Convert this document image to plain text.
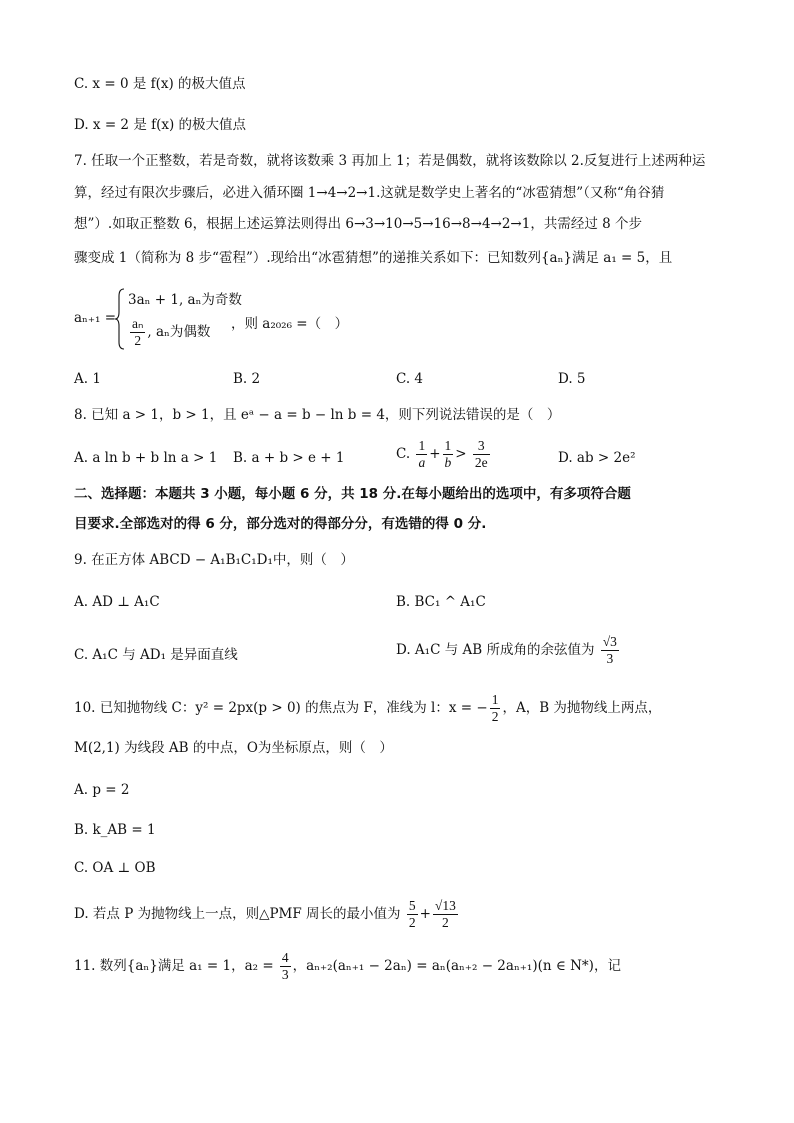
C. x = 0 是 f(x) 的极大值点
D. x = 2 是 f(x) 的极大值点
7. 任取一个正整数，若是奇数，就将该数乘 3 再加上 1；若是偶数，就将该数除以 2.反复进行上述两种运
算，经过有限次步骤后，必进入循环圈 1→4→2→1.这就是数学史上著名的“冰雹猜想”（又称“角谷猜
想”）.如取正整数 6，根据上述运算法则得出 6→3→10→5→16→8→4→2→1，共需经过 8 个步
骤变成 1（简称为 8 步“雹程”）.现给出“冰雹猜想”的递推关系如下：已知数列{aₙ}满足 a₁ = 5，且
aₙ₊₁ =
3aₙ + 1, aₙ为奇数
$\frac{\text{aₙ}}{2}$ , aₙ为偶数 ，则 a₂₀₂₆ =（　）
A. 1	B. 2	C. 4	D. 5
8. 已知 a > 1，b > 1，且 eᵃ − a = b − ln b = 4，则下列说法错误的是（　）
A. a ln b + b ln a > 1 B. a + b > e + 1	C. $\frac{1}{a} + \frac{1}{b} > \frac{3}{2e}$	D. ab > 2e²
二、选择题：本题共 3 小题，每小题 6 分，共 18 分.在每小题给出的选项中，有多项符合题
目要求.全部选对的得 6 分，部分选对的得部分分，有选错的得 0 分.
9. 在正方体 ABCD − A₁B₁C₁D₁中，则（　）
A. AD ⊥ A₁C	B. BC₁ ^ A₁C
C. A₁C 与 AD₁ 是异面直线	D. A₁C 与 AB 所成角的余弦值为 $\frac{√3}{3}$
10. 已知抛物线 C：y² = 2px(p > 0) 的焦点为 F，准线为 l：x = − $\frac{1}{2}$ ，A，B 为抛物线上两点，
M(2,1) 为线段 AB 的中点，O为坐标原点，则（　）
A. p = 2
B. k_AB = 1
C. OA ⊥ OB
D. 若点 P 为抛物线上一点，则△PMF 周长的最小值为 $\frac{5}{2} + \frac{√13}{2}$
11. 数列{aₙ}满足 a₁ = 1，$a_2 = \frac{4}{3}$ ，aₙ₊₂(aₙ₊₁ − 2aₙ) = aₙ(aₙ₊₂ − 2aₙ₊₁)(n ∈ N*)，记
